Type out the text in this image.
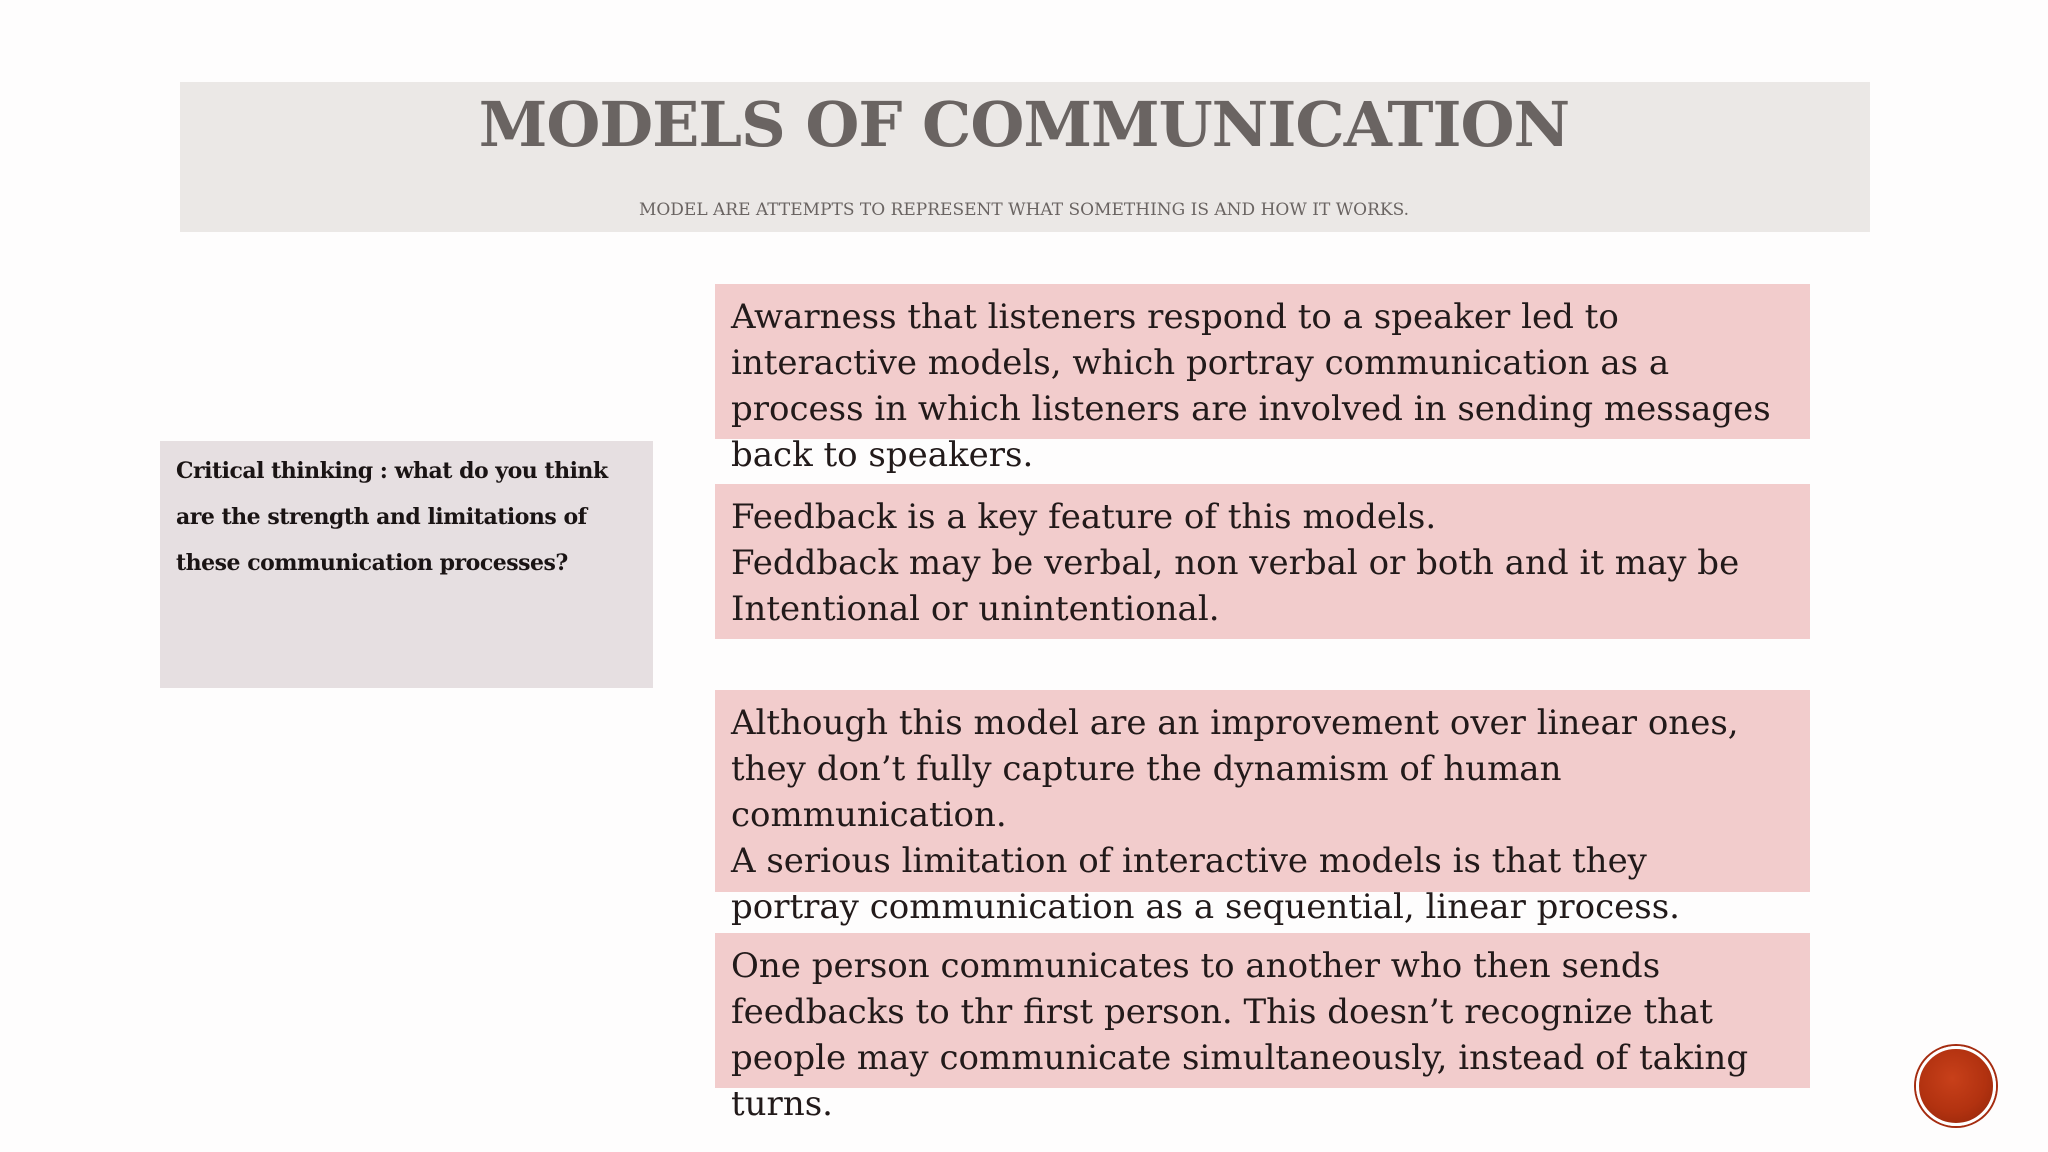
MODELS OF COMMUNICATION
MODEL ARE ATTEMPTS TO REPRESENT WHAT SOMETHING IS AND HOW IT WORKS.
Critical thinking : what do you think are the strength and limitations of these communication processes?
Awarness that listeners respond to a speaker led to
interactive models, which portray communication as a
process in which listeners are involved in sending messages
back to speakers.
Feedback is a key feature of this models.
Feddback may be verbal, non verbal or both and it may be
Intentional or unintentional.
Although this model are an improvement over linear ones,
they don’t fully capture the dynamism of human
communication.
A serious limitation of interactive models is that they
portray communication as a sequential, linear process.
One person communicates to another who then sends
feedbacks to thr first person. This doesn’t recognize that
people may communicate simultaneously, instead of taking
turns.
